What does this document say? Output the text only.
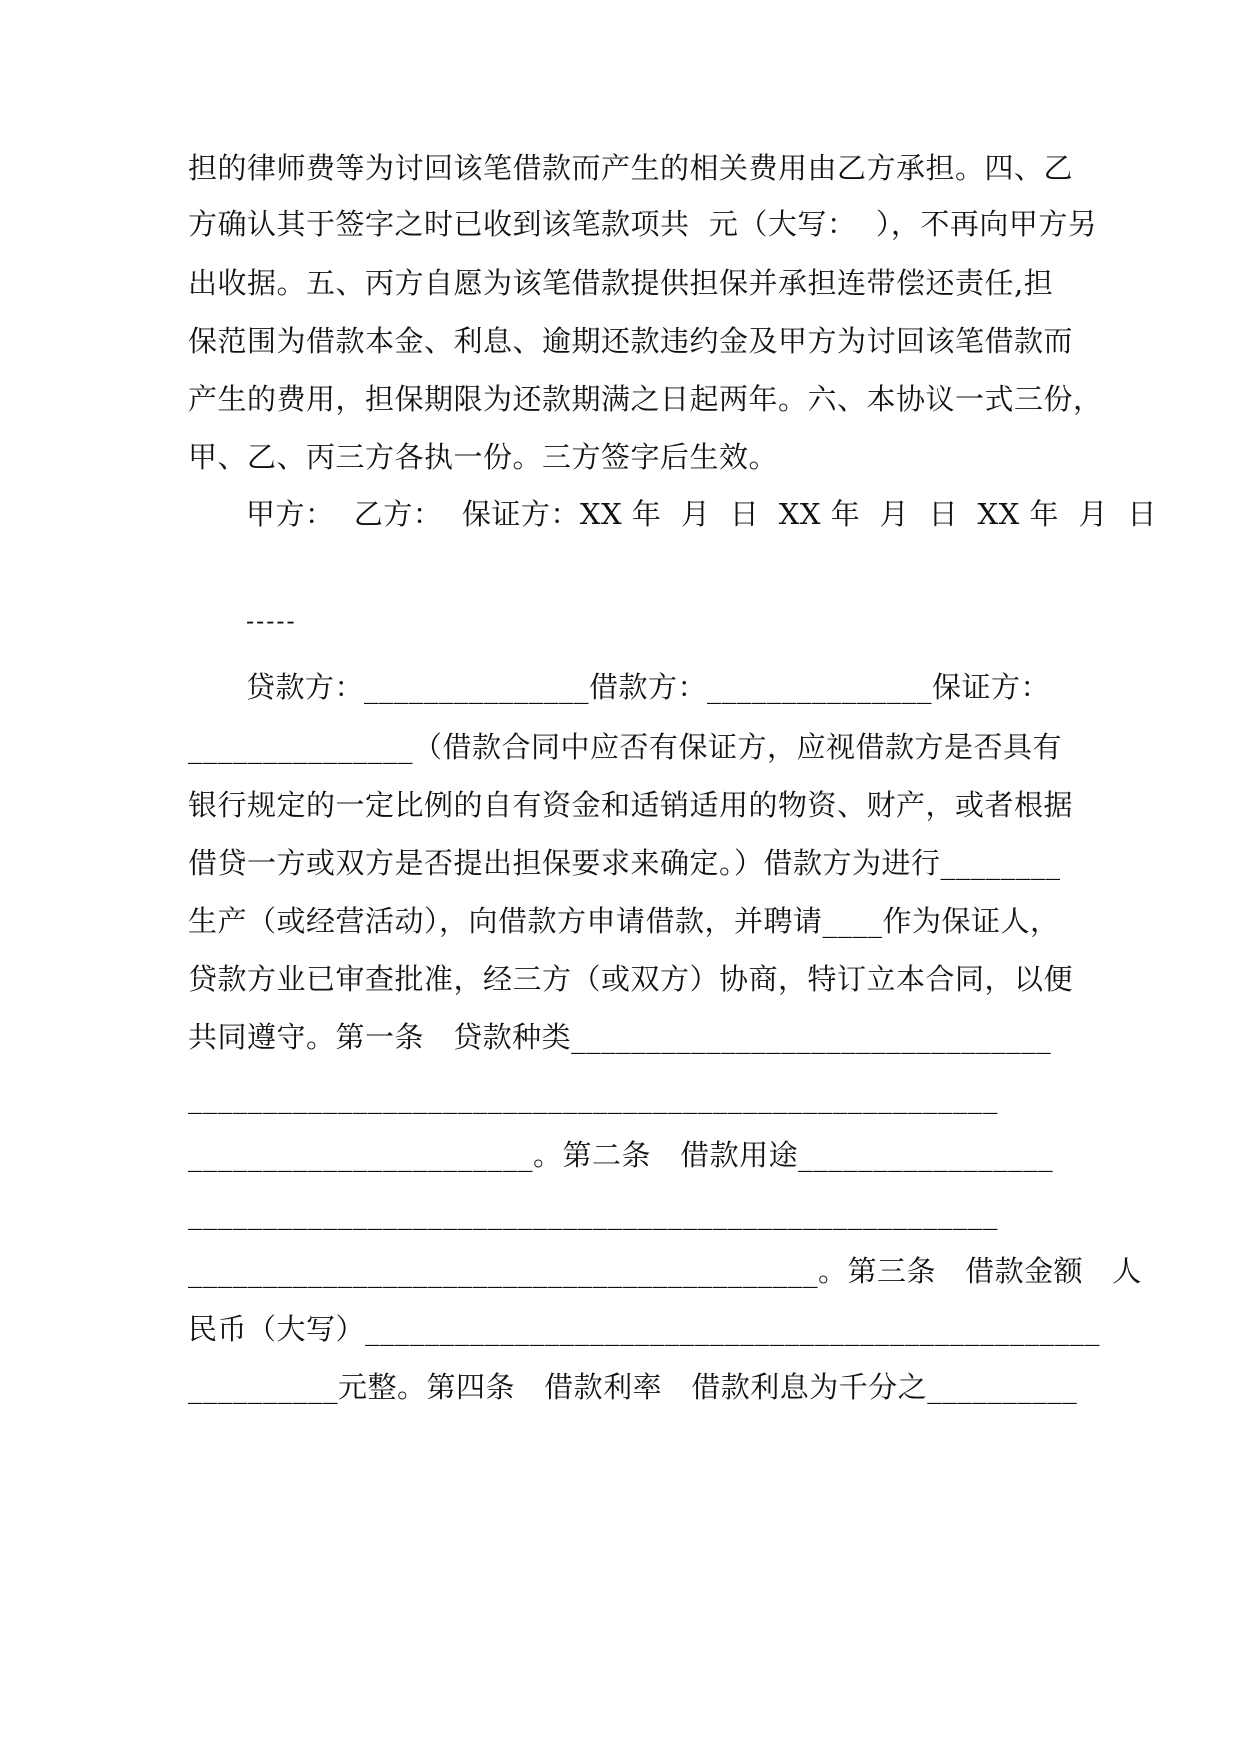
担的律师费等为讨回该笔借款而产生的相关费用由乙方承担。四、乙
方确认其于签字之时已收到该笔款项共  元（大写：  ），不再向甲方另
出收据。五、丙方自愿为该笔借款提供担保并承担连带偿还责任,担
保范围为借款本金、利息、逾期还款违约金及甲方为讨回该笔借款而
产生的费用，担保期限为还款期满之日起两年。六、本协议一式三份，
甲、乙、丙三方各执一份。三方签字后生效。
甲方：  乙方：  保证方：XX 年  月  日  XX 年  月  日  XX 年  月  日
-----
贷款方：_______________借款方：_______________保证方：
_______________（借款合同中应否有保证方，应视借款方是否具有
银行规定的一定比例的自有资金和适销适用的物资、财产，或者根据
借贷一方或双方是否提出担保要求来确定。）借款方为进行________
生产（或经营活动），向借款方申请借款，并聘请____作为保证人，
贷款方业已审查批准，经三方（或双方）协商，特订立本合同，以便
共同遵守。第一条   贷款种类________________________________
______________________________________________________
_______________________。第二条   借款用途_________________
______________________________________________________
__________________________________________。第三条   借款金额   人
民币（大写）_________________________________________________
__________元整。第四条   借款利率   借款利息为千分之__________
